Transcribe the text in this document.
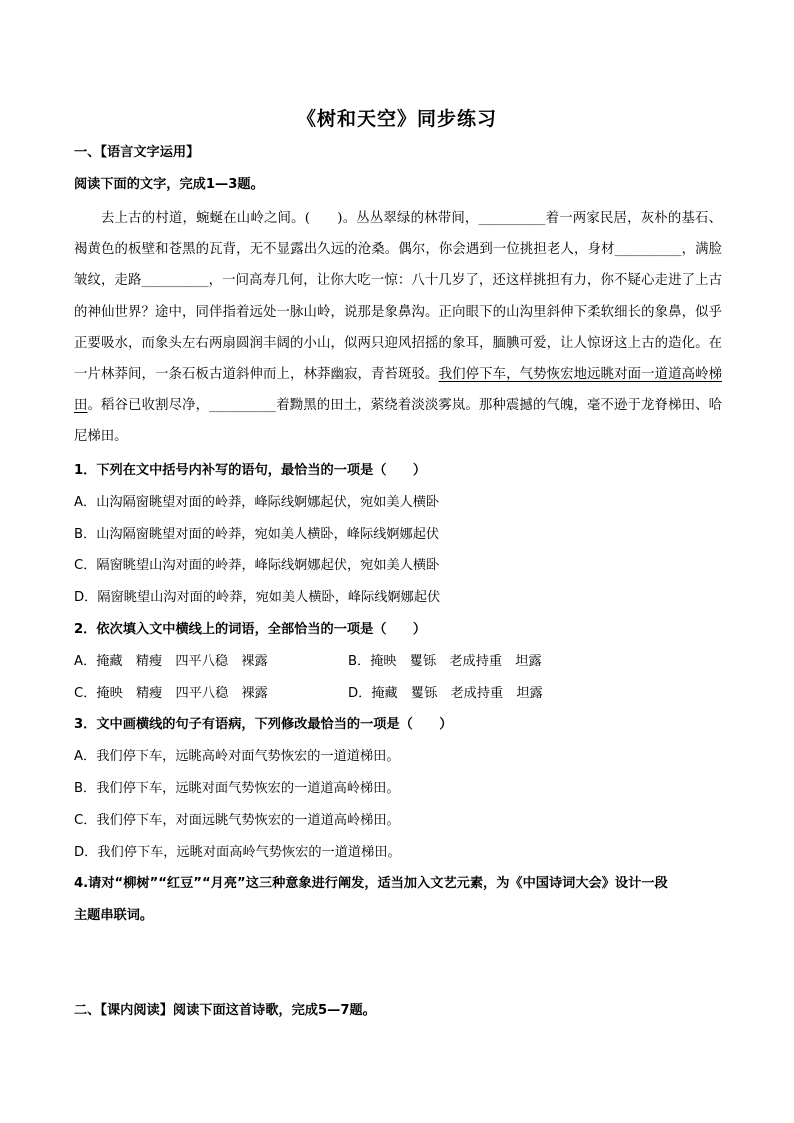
《树和天空》同步练习
一、【语言文字运用】
阅读下面的文字，完成1—3题。
去上古的村道，蜿蜒在山岭之间。(　　)。丛丛翠绿的林带间，__________着一两家民居，灰朴的基石、褐黄色的板壁和苍黑的瓦背，无不显露出久远的沧桑。偶尔，你会遇到一位挑担老人，身材__________，满脸皱纹，走路__________，一问高寿几何，让你大吃一惊：八十几岁了，还这样挑担有力，你不疑心走进了上古的神仙世界？途中，同伴指着远处一脉山岭，说那是象鼻沟。正向眼下的山沟里斜伸下柔软细长的象鼻，似乎正要吸水，而象头左右两扇圆润丰阔的小山，似两只迎风招摇的象耳，腼腆可爱，让人惊讶这上古的造化。在一片林莽间，一条石板古道斜伸而上，林莽幽寂，青苔斑驳。我们停下车，气势恢宏地远眺对面一道道高岭梯田。稻谷已收割尽净，__________着黝黑的田土，萦绕着淡淡雾岚。那种震撼的气魄，毫不逊于龙脊梯田、哈尼梯田。
1．下列在文中括号内补写的语句，最恰当的一项是（　　）
A．山沟隔窗眺望对面的岭莽，峰际线婀娜起伏，宛如美人横卧
B．山沟隔窗眺望对面的岭莽，宛如美人横卧，峰际线婀娜起伏
C．隔窗眺望山沟对面的岭莽，峰际线婀娜起伏，宛如美人横卧
D．隔窗眺望山沟对面的岭莽，宛如美人横卧，峰际线婀娜起伏
2．依次填入文中横线上的词语，全部恰当的一项是（　　）
A．掩藏　精瘦　四平八稳　裸露	B．掩映　矍铄　老成持重　坦露
C．掩映　精瘦　四平八稳　裸露	D．掩藏　矍铄　老成持重　坦露
3．文中画横线的句子有语病，下列修改最恰当的一项是（　　）
A．我们停下车，远眺高岭对面气势恢宏的一道道梯田。
B．我们停下车，远眺对面气势恢宏的一道道高岭梯田。
C．我们停下车，对面远眺气势恢宏的一道道高岭梯田。
D．我们停下车，远眺对面高岭气势恢宏的一道道梯田。
4.请对“柳树”“红豆”“月亮”这三种意象进行阐发，适当加入文艺元素，为《中国诗词大会》设计一段
主题串联词。
二、【课内阅读】阅读下面这首诗歌，完成5—7题。
